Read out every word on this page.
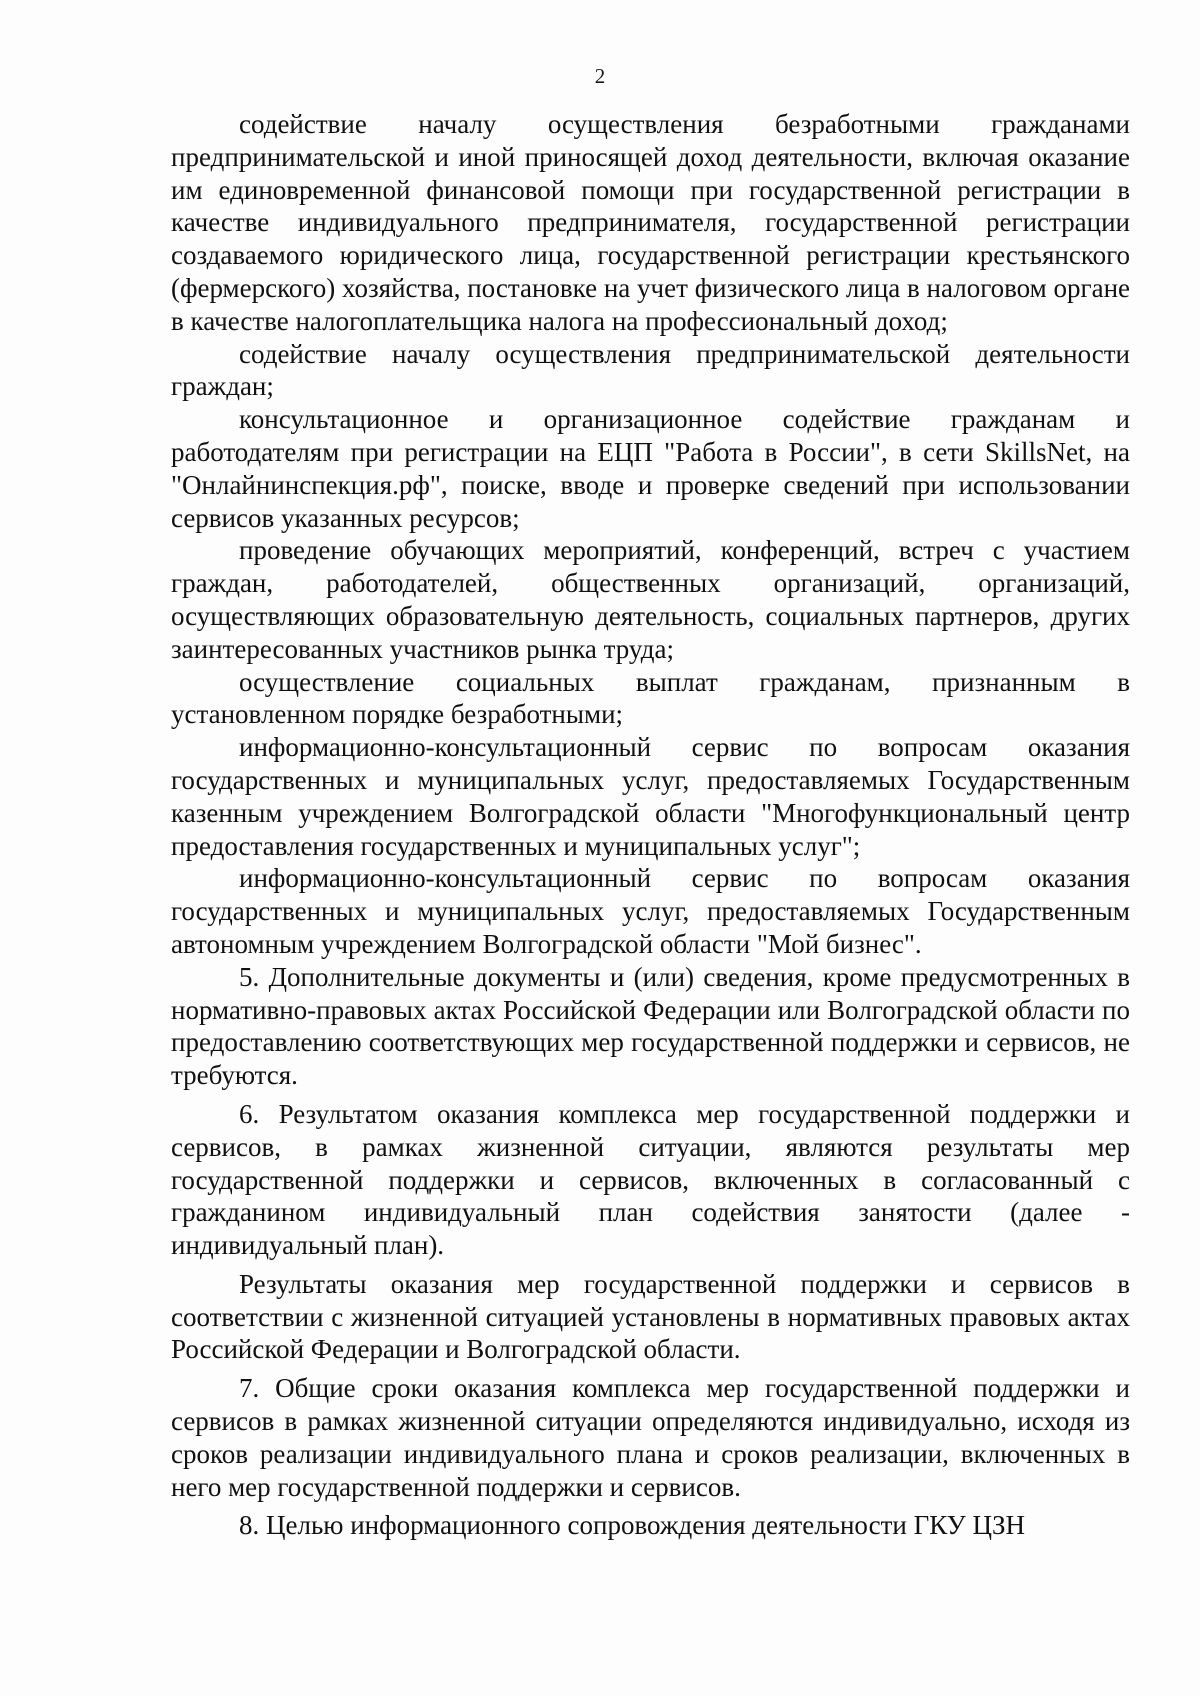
2

содействие началу осуществления безработными гражданами предпринимательской и иной приносящей доход деятельности, включая оказание им единовременной финансовой помощи при государственной регистрации в качестве индивидуального предпринимателя, государственной регистрации создаваемого юридического лица, государственной регистрации крестьянского (фермерского) хозяйства, постановке на учет физического лица в налоговом органе в качестве налогоплательщика налога на профессиональный доход;

содействие началу осуществления предпринимательской деятельности граждан;

консультационное и организационное содействие гражданам и работодателям при регистрации на ЕЦП "Работа в России", в сети SkillsNet, на "Онлайнинспекция.рф", поиске, вводе и проверке сведений при использовании сервисов указанных ресурсов;

проведение обучающих мероприятий, конференций, встреч с участием граждан, работодателей, общественных организаций, организаций, осуществляющих образовательную деятельность, социальных партнеров, других заинтересованных участников рынка труда;

осуществление социальных выплат гражданам, признанным в установленном порядке безработными;

информационно-консультационный сервис по вопросам оказания государственных и муниципальных услуг, предоставляемых Государственным казенным учреждением Волгоградской области "Многофункциональный центр предоставления государственных и муниципальных услуг";

информационно-консультационный сервис по вопросам оказания государственных и муниципальных услуг, предоставляемых Государственным автономным учреждением Волгоградской области "Мой бизнес".

5. Дополнительные документы и (или) сведения, кроме предусмотренных в нормативно-правовых актах Российской Федерации или Волгоградской области по предоставлению соответствующих мер государственной поддержки и сервисов, не требуются.

6. Результатом оказания комплекса мер государственной поддержки и сервисов, в рамках жизненной ситуации, являются результаты мер государственной поддержки и сервисов, включенных в согласованный с гражданином индивидуальный план содействия занятости (далее - индивидуальный план).

Результаты оказания мер государственной поддержки и сервисов в соответствии с жизненной ситуацией установлены в нормативных правовых актах Российской Федерации и Волгоградской области.

7. Общие сроки оказания комплекса мер государственной поддержки и сервисов в рамках жизненной ситуации определяются индивидуально, исходя из сроков реализации индивидуального плана и сроков реализации, включенных в него мер государственной поддержки и сервисов.

8. Целью информационного сопровождения деятельности ГКУ ЦЗН
